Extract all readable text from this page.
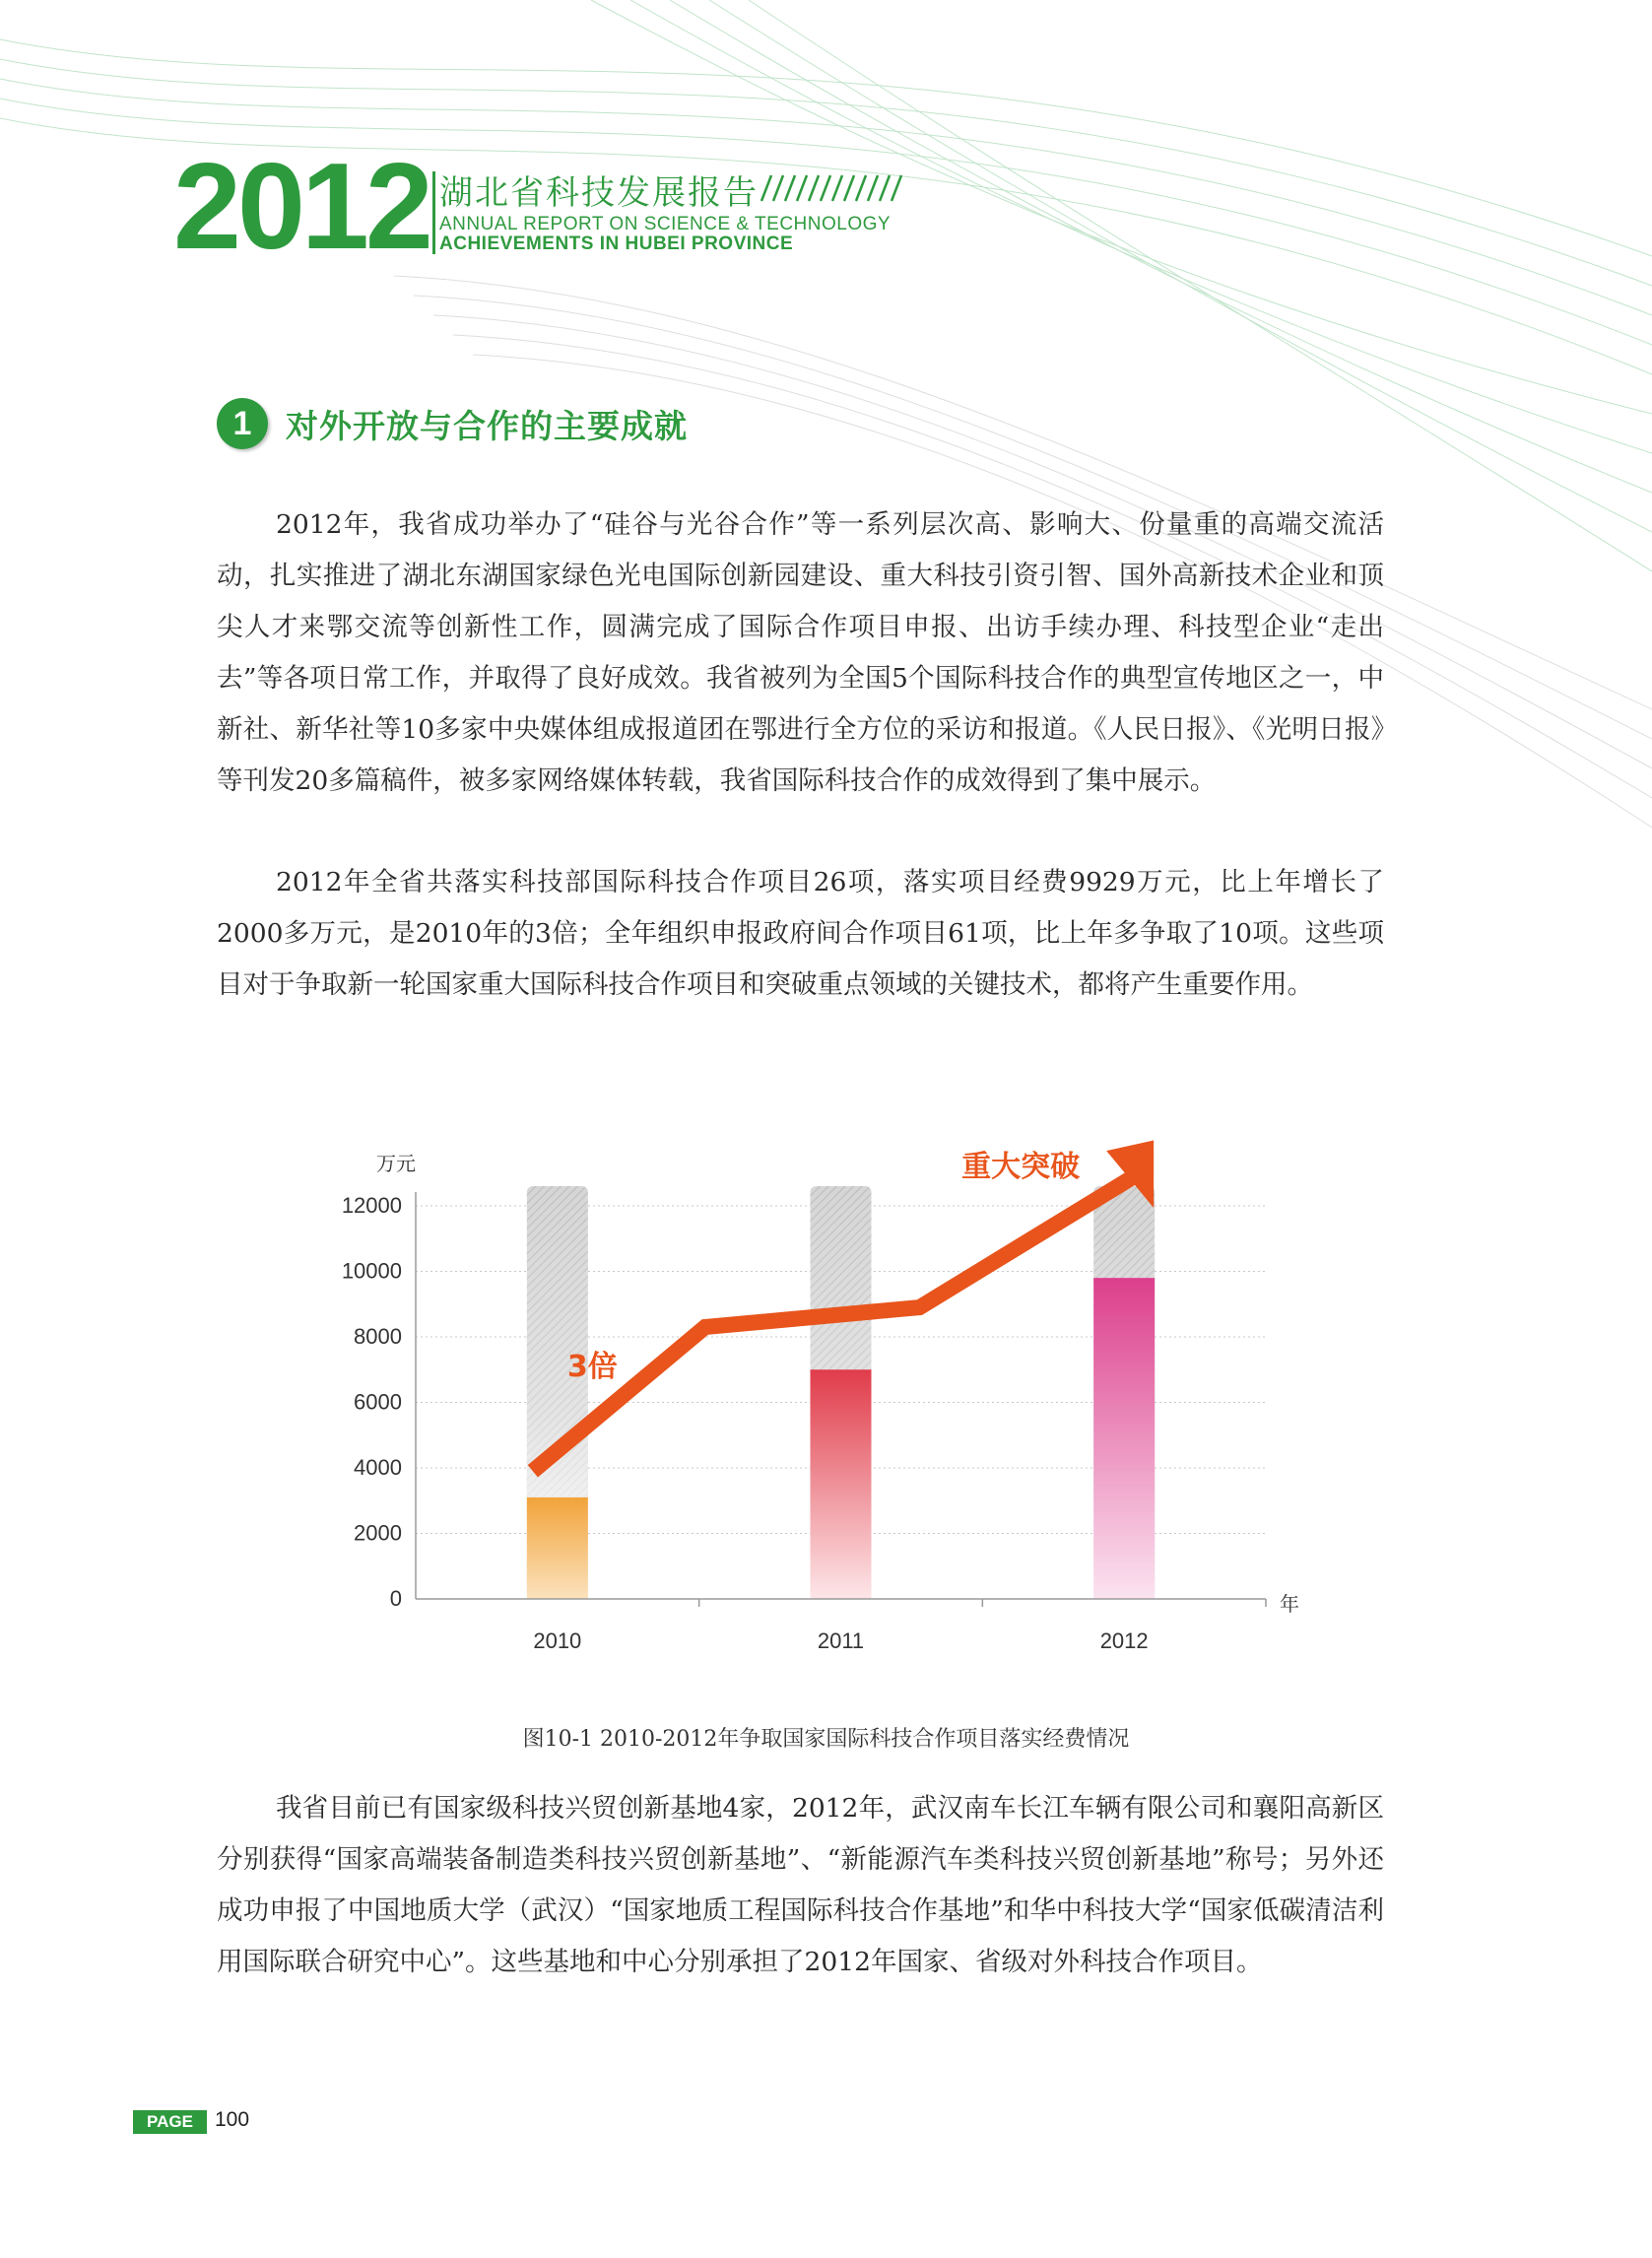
2012 湖北省科技发展报告
ANNUAL REPORT ON SCIENCE & TECHNOLOGY
ACHIEVEMENTS IN HUBEI PROVINCE
1	对外开放与合作的主要成就

2012年，我省成功举办了“硅谷与光谷合作”等一系列层次高、影响大、份量重的高端交流活动，扎实推进了湖北东湖国家绿色光电国际创新园建设、重大科技引资引智、国外高新技术企业和顶尖人才来鄂交流等创新性工作，圆满完成了国际合作项目申报、出访手续办理、科技型企业“走出去”等各项日常工作，并取得了良好成效。我省被列为全国5个国际科技合作的典型宣传地区之一，中新社、新华社等10多家中央媒体组成报道团在鄂进行全方位的采访和报道。《人民日报》、《光明日报》等刊发20多篇稿件，被多家网络媒体转载，我省国际科技合作的成效得到了集中展示。

2012年全省共落实科技部国际科技合作项目26项，落实项目经费9929万元，比上年增长了2000多万元，是2010年的3倍；全年组织申报政府间合作项目61项，比上年多争取了10项。这些项目对于争取新一轮国家重大国际科技合作项目和突破重点领域的关键技术，都将产生重要作用。

0
2000
4000
6000
8000
10000
12000
2010	2011	2012
万元
年
3倍
重大突破
图10-1 2010-2012年争取国家国际科技合作项目落实经费情况

我省目前已有国家级科技兴贸创新基地4家，2012年，武汉南车长江车辆有限公司和襄阳高新区分别获得“国家高端装备制造类科技兴贸创新基地”、“新能源汽车类科技兴贸创新基地”称号；另外还成功申报了中国地质大学（武汉）“国家地质工程国际科技合作基地”和华中科技大学“国家低碳清洁利用国际联合研究中心”。这些基地和中心分别承担了2012年国家、省级对外科技合作项目。

PAGE	100
